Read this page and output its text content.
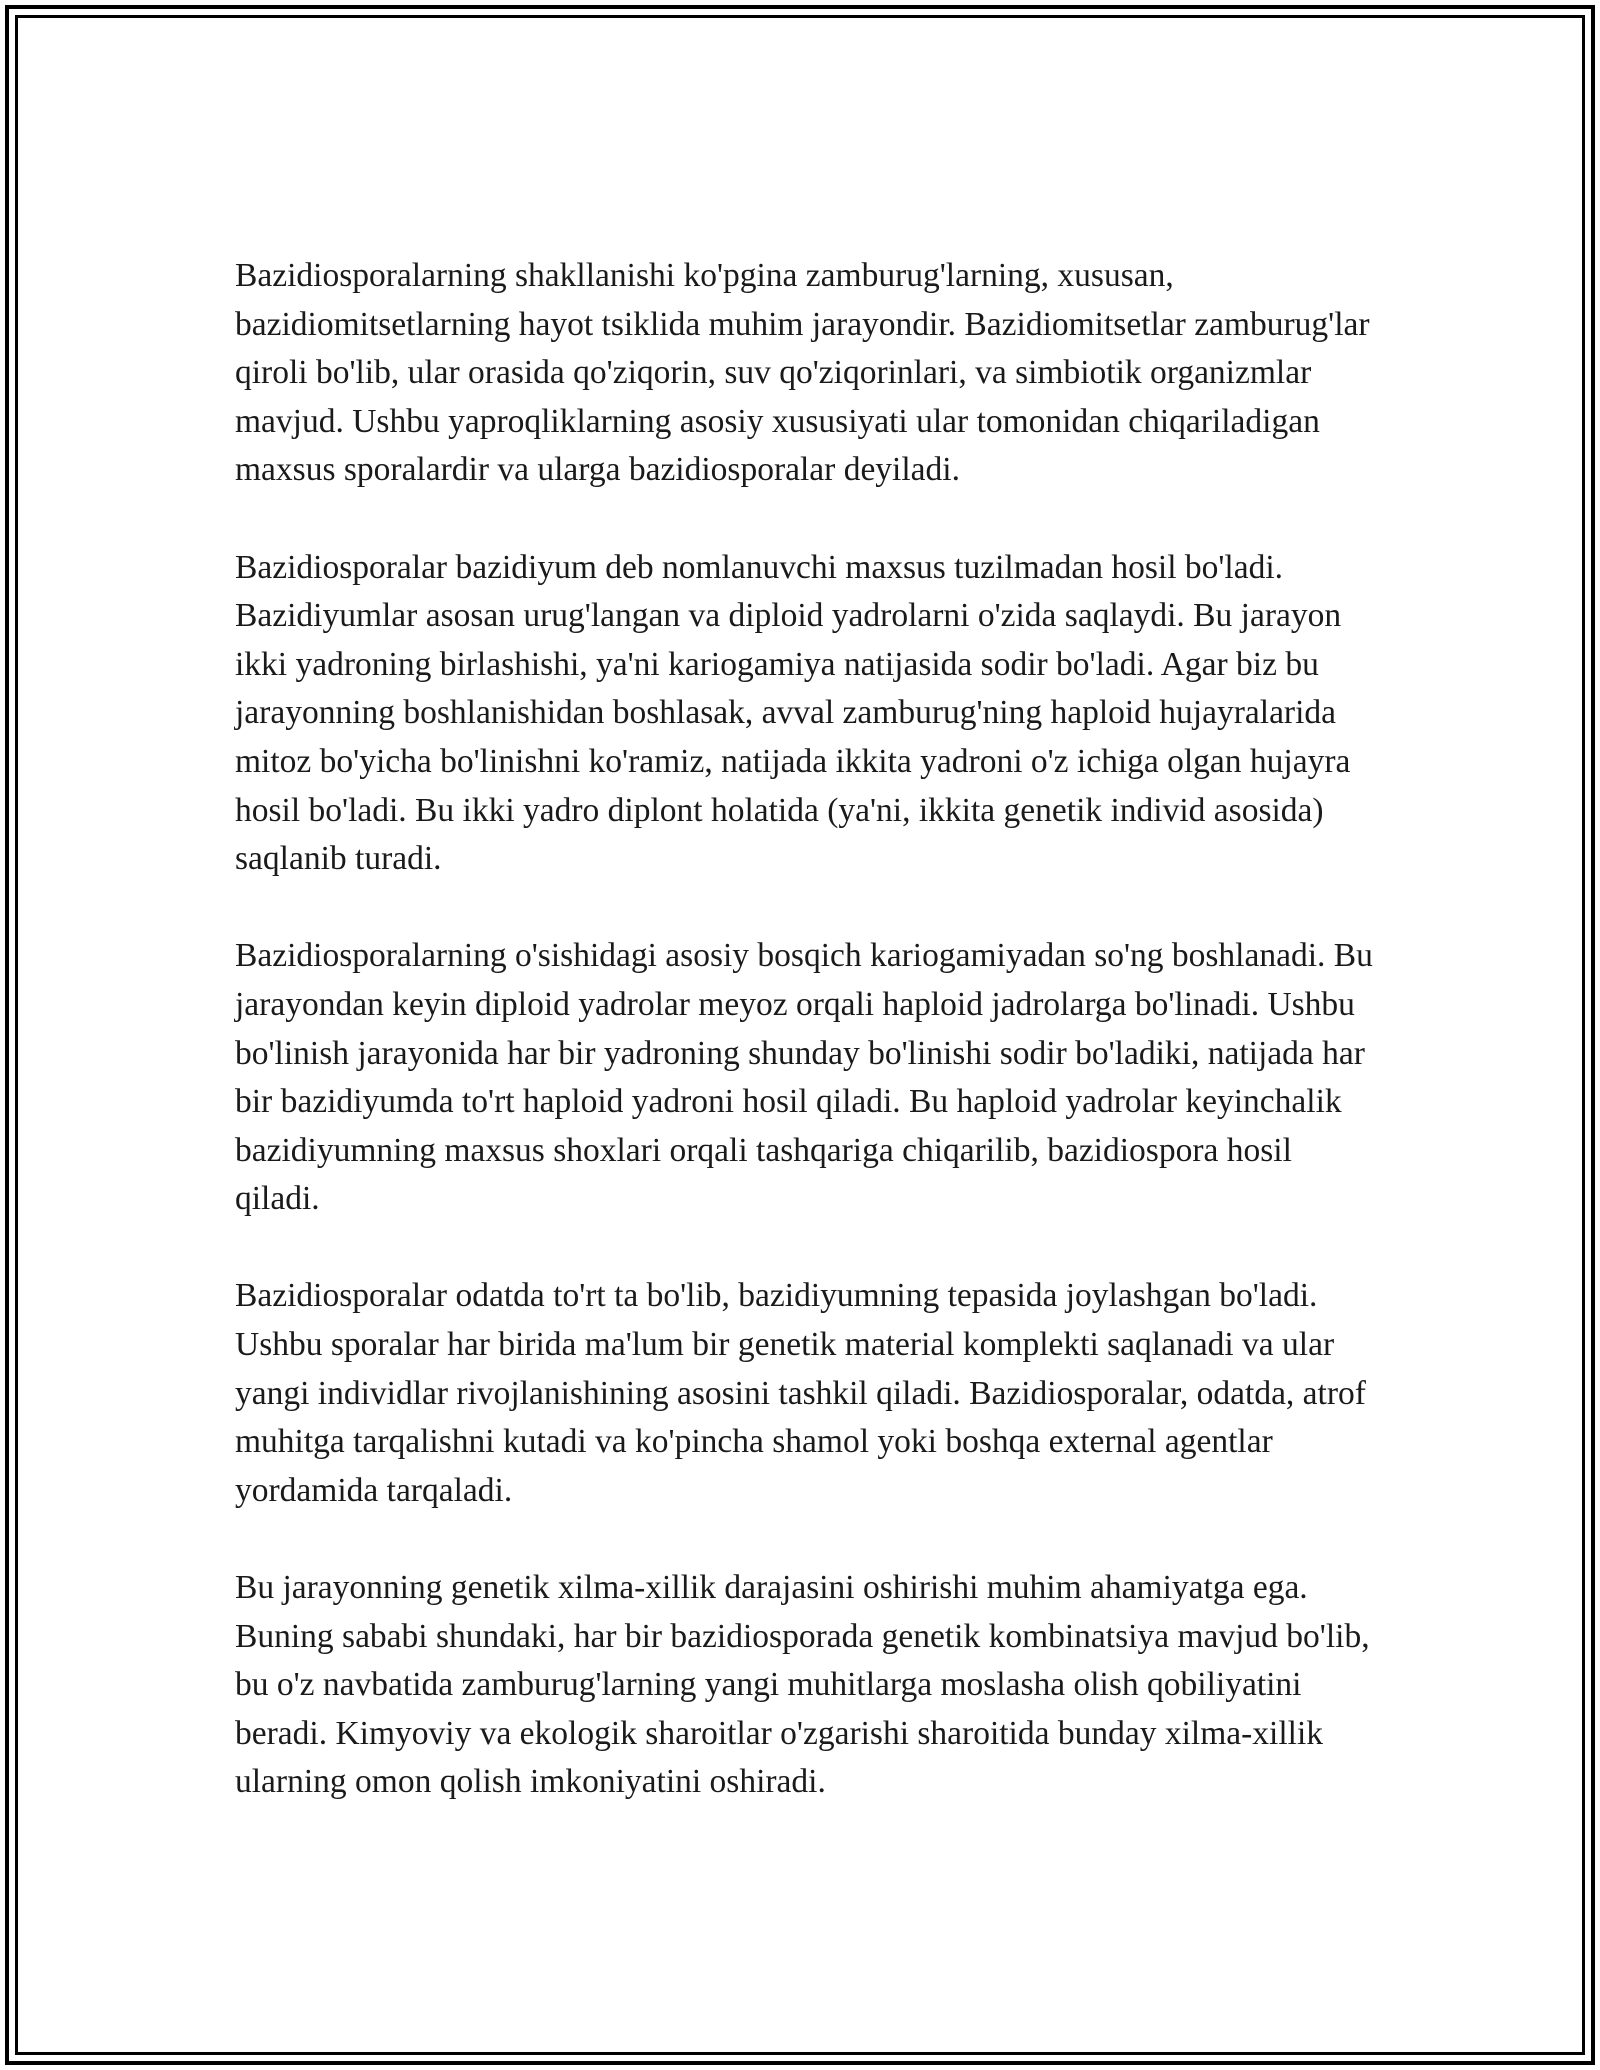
Bazidiosporalarning shakllanishi ko'pgina zamburug'larning, xususan, bazidiomitsetlarning hayot tsiklida muhim jarayondir. Bazidiomitsetlar zamburug'lar qiroli bo'lib, ular orasida qo'ziqorin, suv qo'ziqorinlari, va simbiotik organizmlar mavjud. Ushbu yaproqliklarning asosiy xususiyati ular tomonidan chiqariladigan maxsus sporalardir va ularga bazidiosporalar deyiladi.

Bazidiosporalar bazidiyum deb nomlanuvchi maxsus tuzilmadan hosil bo'ladi. Bazidiyumlar asosan urug'langan va diploid yadrolarni o'zida saqlaydi. Bu jarayon ikki yadroning birlashishi, ya'ni kariogamiya natijasida sodir bo'ladi. Agar biz bu jarayonning boshlanishidan boshlasak, avval zamburug'ning haploid hujayralarida mitoz bo'yicha bo'linishni ko'ramiz, natijada ikkita yadroni o'z ichiga olgan hujayra hosil bo'ladi. Bu ikki yadro diplont holatida (ya'ni, ikkita genetik individ asosida) saqlanib turadi.

Bazidiosporalarning o'sishidagi asosiy bosqich kariogamiyadan so'ng boshlanadi. Bu jarayondan keyin diploid yadrolar meyoz orqali haploid jadrolarga bo'linadi. Ushbu bo'linish jarayonida har bir yadroning shunday bo'linishi sodir bo'ladiki, natijada har bir bazidiyumda to'rt haploid yadroni hosil qiladi. Bu haploid yadrolar keyinchalik bazidiyumning maxsus shoxlari orqali tashqariga chiqarilib, bazidiospora hosil qiladi.

Bazidiosporalar odatda to'rt ta bo'lib, bazidiyumning tepasida joylashgan bo'ladi. Ushbu sporalar har birida ma'lum bir genetik material komplekti saqlanadi va ular yangi individlar rivojlanishining asosini tashkil qiladi. Bazidiosporalar, odatda, atrof muhitga tarqalishni kutadi va ko'pincha shamol yoki boshqa external agentlar yordamida tarqaladi.

Bu jarayonning genetik xilma-xillik darajasini oshirishi muhim ahamiyatga ega. Buning sababi shundaki, har bir bazidiosporada genetik kombinatsiya mavjud bo'lib, bu o'z navbatida zamburug'larning yangi muhitlarga moslasha olish qobiliyatini beradi. Kimyoviy va ekologik sharoitlar o'zgarishi sharoitida bunday xilma-xillik ularning omon qolish imkoniyatini oshiradi.
